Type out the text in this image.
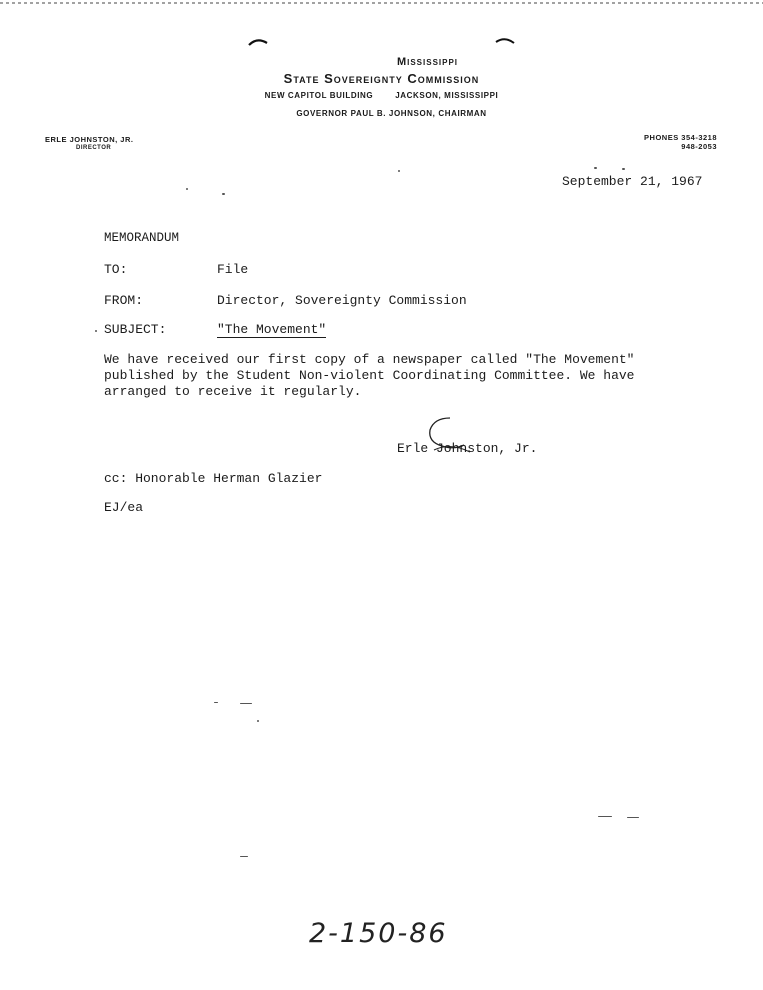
Mississippi
State Sovereignty Commission
NEW CAPITOL BUILDING	JACKSON, MISSISSIPPI
GOVERNOR PAUL B. JOHNSON, CHAIRMAN
ERLE JOHNSTON, JR.
DIRECTOR
PHONES 354-3218
948-2053
September 21, 1967
MEMORANDUM
TO:	File
FROM:	Director, Sovereignty Commission
SUBJECT:	"The Movement"
We have received our first copy of a newspaper called "The Movement"
published by the Student Non-violent Coordinating Committee. We have
arranged to receive it regularly.
Erle Johnston, Jr.
cc: Honorable Herman Glazier
EJ/ea
2-150-86
